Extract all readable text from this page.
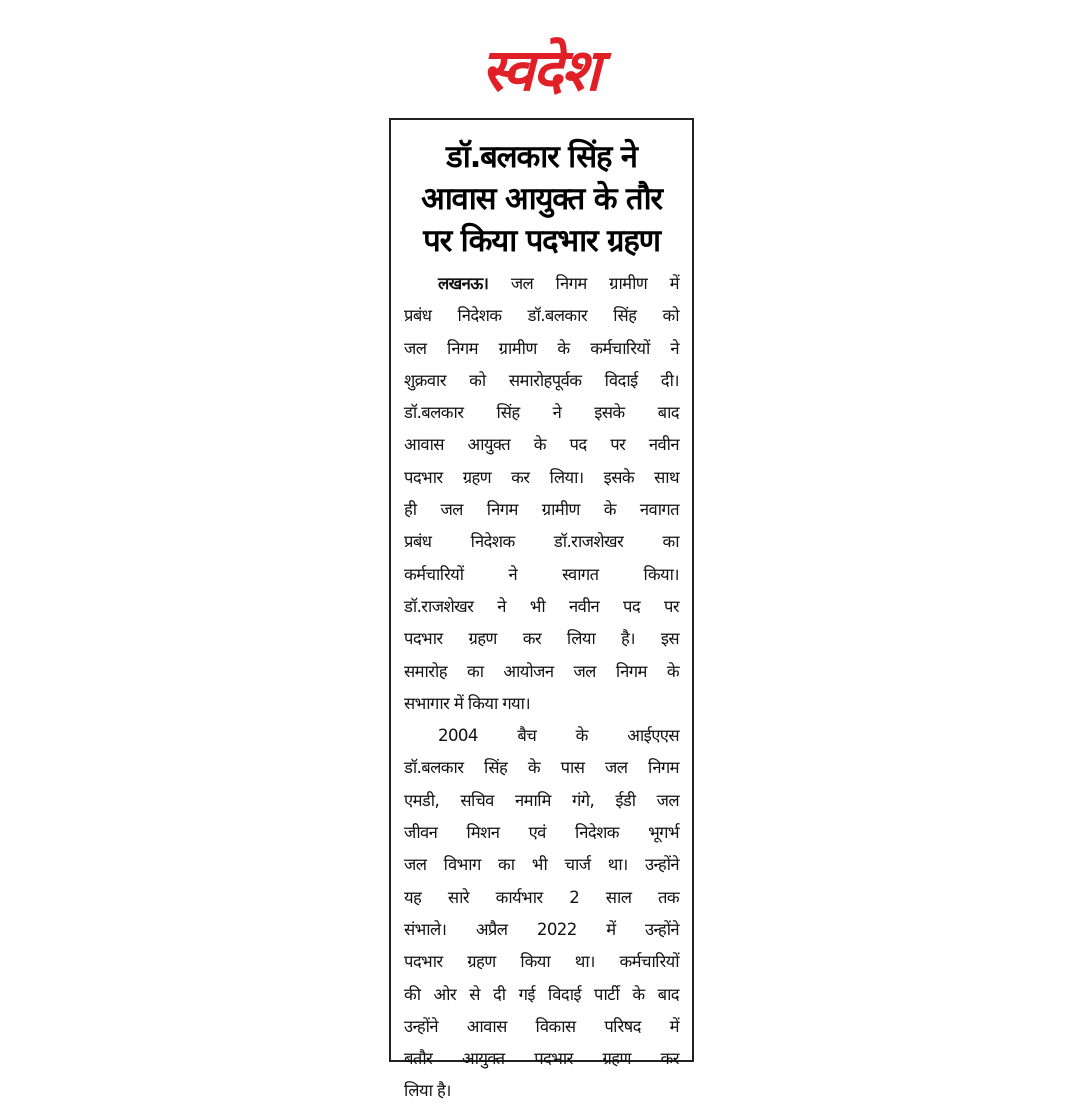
स्वदेश
डॉ.बलकार सिंह ने
आवास आयुक्त के तौर
पर किया पदभार ग्रहण
लखनऊ। जल निगम ग्रामीण में
प्रबंध निदेशक डॉ.बलकार सिंह को
जल निगम ग्रामीण के कर्मचारियों ने
शुक्रवार को समारोहपूर्वक विदाई दी।
डॉ.बलकार सिंह ने इसके बाद
आवास आयुक्त के पद पर नवीन
पदभार ग्रहण कर लिया। इसके साथ
ही जल निगम ग्रामीण के नवागत
प्रबंध निदेशक डॉ.राजशेखर का
कर्मचारियों ने स्वागत किया।
डॉ.राजशेखर ने भी नवीन पद पर
पदभार ग्रहण कर लिया है। इस
समारोह का आयोजन जल निगम के
सभागार में किया गया।
2004 बैच के आईएएस
डॉ.बलकार सिंह के पास जल निगम
एमडी, सचिव नमामि गंगे, ईडी जल
जीवन मिशन एवं निदेशक भूगर्भ
जल विभाग का भी चार्ज था। उन्होंने
यह सारे कार्यभार 2 साल तक
संभाले। अप्रैल 2022 में उन्होंने
पदभार ग्रहण किया था। कर्मचारियों
की ओर से दी गई विदाई पार्टी के बाद
उन्होंने आवास विकास परिषद में
बतौर आयुक्त पदभार ग्रहण कर
लिया है।
